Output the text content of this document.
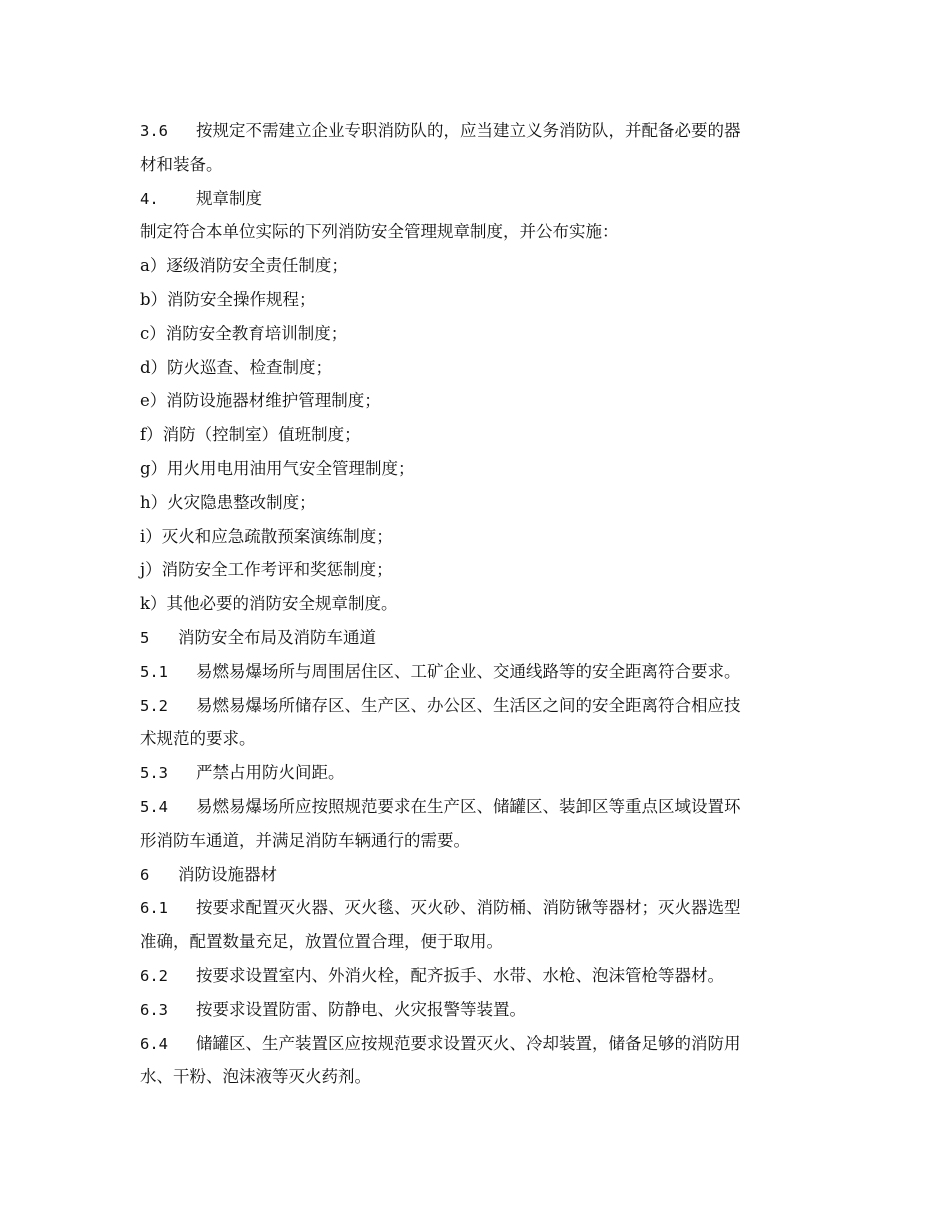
3.6 按规定不需建立企业专职消防队的，应当建立义务消防队，并配备必要的器
材和装备。
4. 规章制度
制定符合本单位实际的下列消防安全管理规章制度，并公布实施：
a）逐级消防安全责任制度；
b）消防安全操作规程；
c）消防安全教育培训制度；
d）防火巡查、检查制度；
e）消防设施器材维护管理制度；
f）消防（控制室）值班制度；
g）用火用电用油用气安全管理制度；
h）火灾隐患整改制度；
i）灭火和应急疏散预案演练制度；
j）消防安全工作考评和奖惩制度；
k）其他必要的消防安全规章制度。
5 消防安全布局及消防车通道
5.1 易燃易爆场所与周围居住区、工矿企业、交通线路等的安全距离符合要求。
5.2 易燃易爆场所储存区、生产区、办公区、生活区之间的安全距离符合相应技
术规范的要求。
5.3 严禁占用防火间距。
5.4 易燃易爆场所应按照规范要求在生产区、储罐区、装卸区等重点区域设置环
形消防车通道，并满足消防车辆通行的需要。
6 消防设施器材
6.1 按要求配置灭火器、灭火毯、灭火砂、消防桶、消防锹等器材；灭火器选型
准确，配置数量充足，放置位置合理，便于取用。
6.2 按要求设置室内、外消火栓，配齐扳手、水带、水枪、泡沫管枪等器材。
6.3 按要求设置防雷、防静电、火灾报警等装置。
6.4 储罐区、生产装置区应按规范要求设置灭火、冷却装置，储备足够的消防用
水、干粉、泡沫液等灭火药剂。
